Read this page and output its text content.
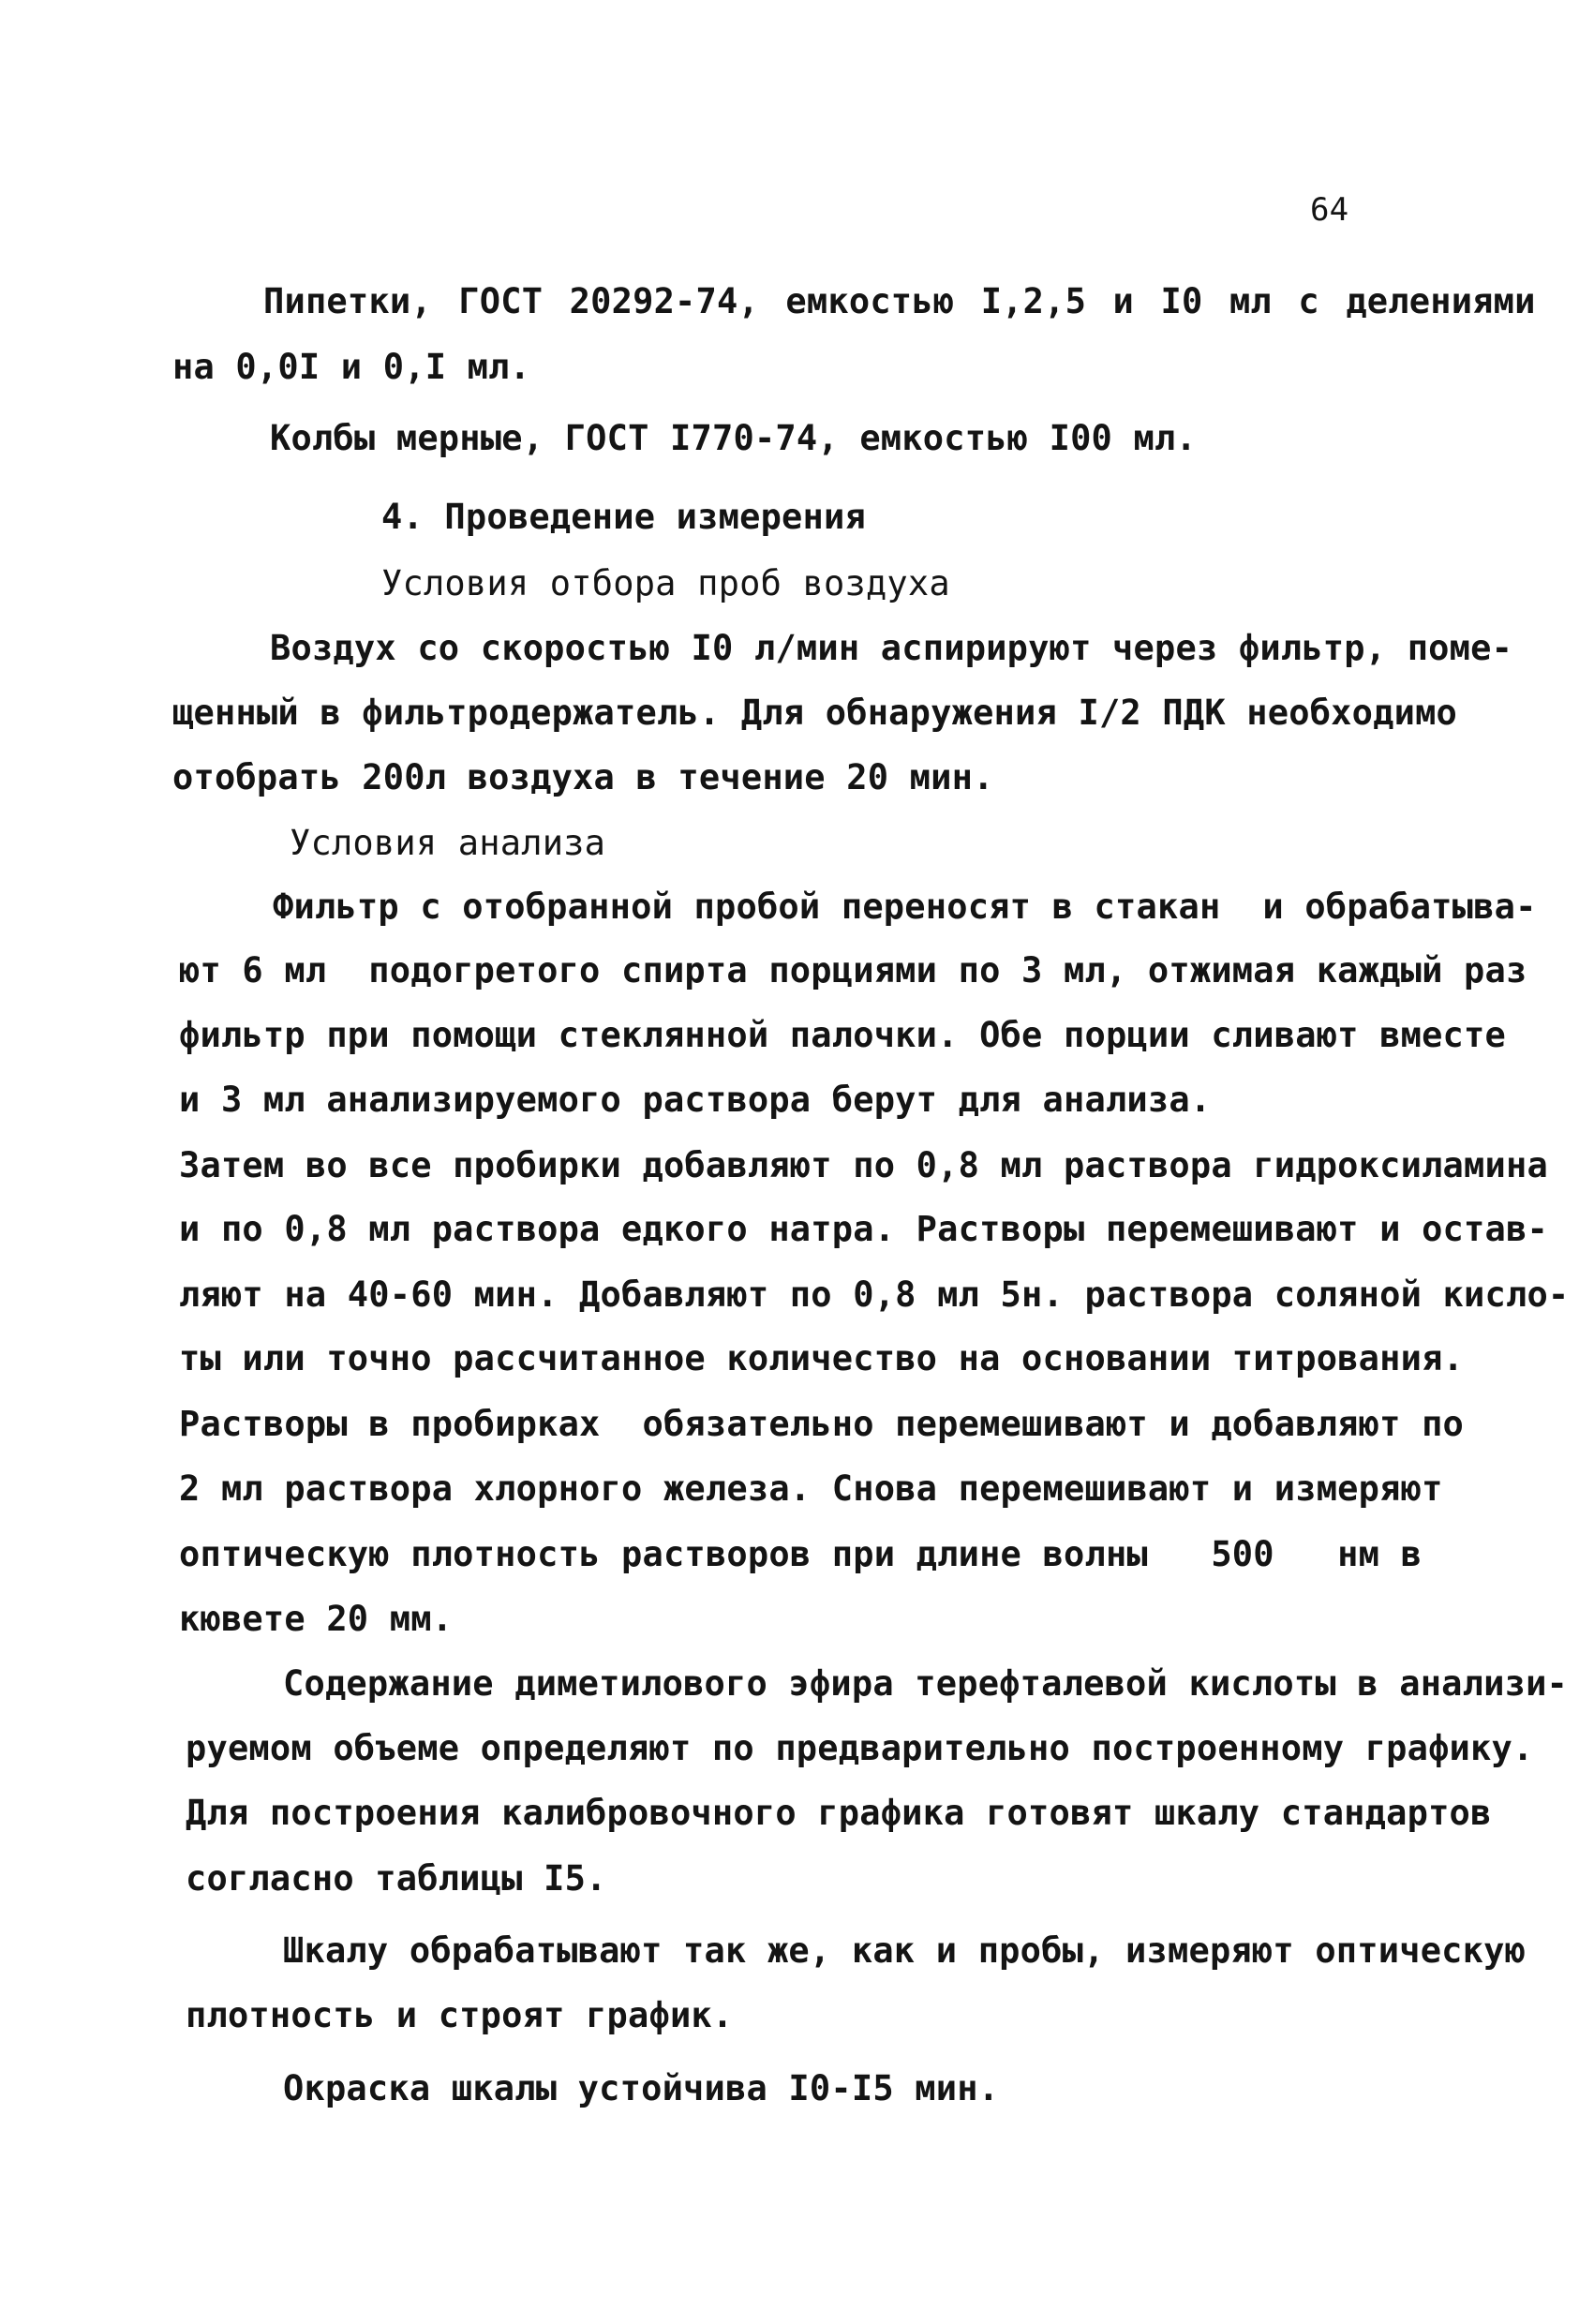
64
Пипетки, ГОСТ 20292-74, емкостью I,2,5 и I0 мл с делениями
на 0,0I и 0,I мл.
Колбы мерные, ГОСТ I770-74, емкостью I00 мл.
4. Проведение измерения
Условия отбора проб воздуха
Воздух со скоростью I0 л/мин аспирируют через фильтр, поме-
щенный в фильтродержатель. Для обнаружения I/2 ПДК необходимо
отобрать 200л воздуха в течение 20 мин.
Условия анализа
Фильтр с отобранной пробой переносят в стакан  и обрабатыва-
ют 6 мл  подогретого спирта порциями по 3 мл, отжимая каждый раз
фильтр при помощи стеклянной палочки. Обе порции сливают вместе
и 3 мл анализируемого раствора берут для анализа.
Затем во все пробирки добавляют по 0,8 мл раствора гидроксиламина
и по 0,8 мл раствора едкого натра. Растворы перемешивают и остав-
ляют на 40-60 мин. Добавляют по 0,8 мл 5н. раствора соляной кисло-
ты или точно рассчитанное количество на основании титрования.
Растворы в пробирках  обязательно перемешивают и добавляют по
2 мл раствора хлорного железа. Снова перемешивают и измеряют
оптическую плотность растворов при длине волны   500   нм в
кювете 20 мм.
Содержание диметилового эфира терефталевой кислоты в анализи-
руемом объеме определяют по предварительно построенному графику.
Для построения калибровочного графика готовят шкалу стандартов
согласно таблицы I5.
Шкалу обрабатывают так же, как и пробы, измеряют оптическую
плотность и строят график.
Окраска шкалы устойчива I0-I5 мин.
